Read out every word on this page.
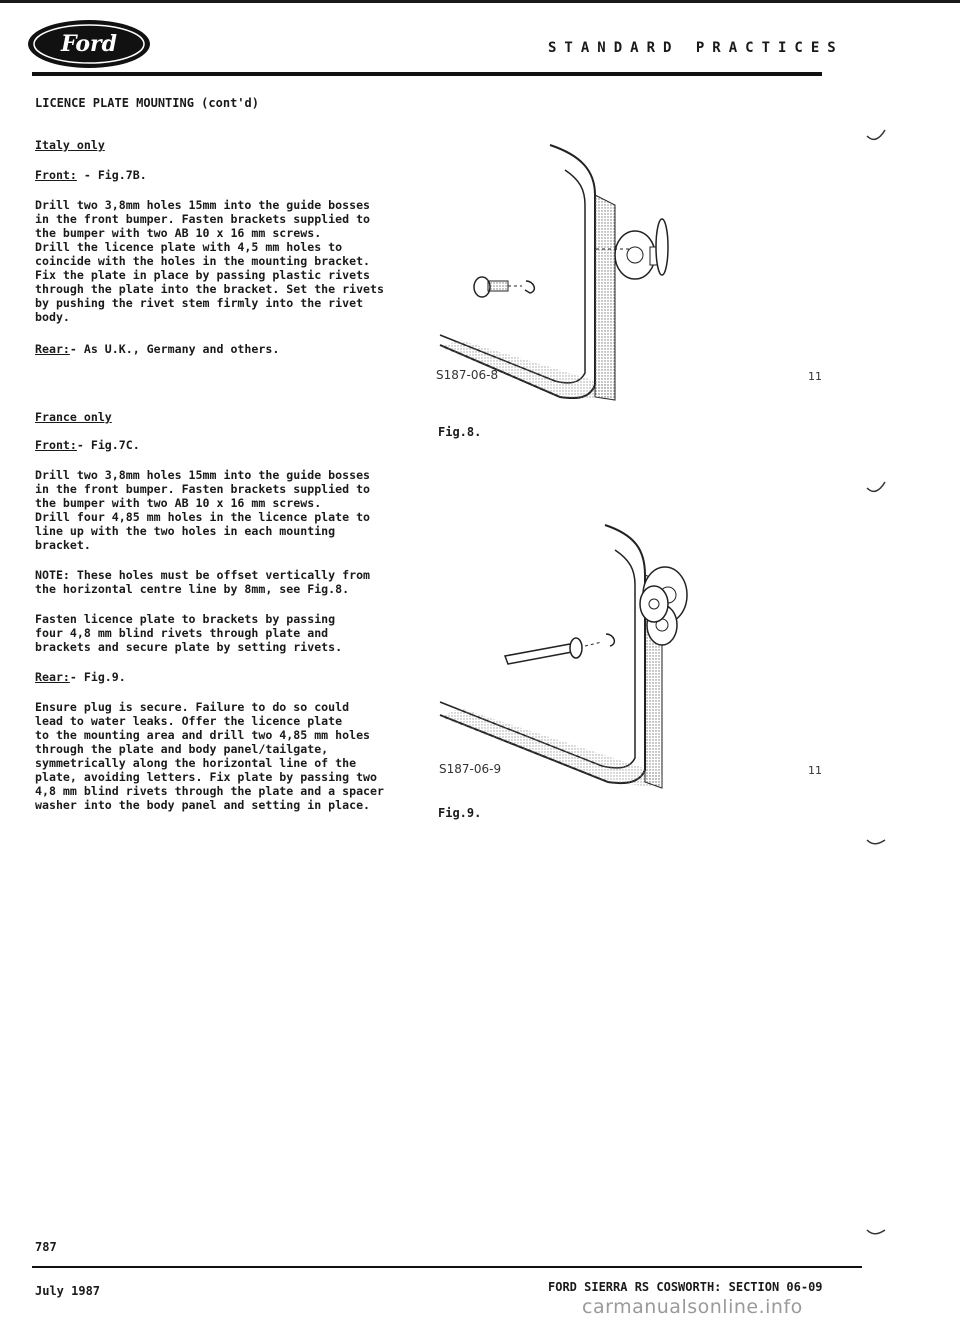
Ford	STANDARD PRACTICES
LICENCE PLATE MOUNTING (cont'd)

Italy only

Front: - Fig.7B.

Drill two 3,8mm holes 15mm into the guide bosses
in the front bumper. Fasten brackets supplied to
the bumper with two AB 10 x 16 mm screws.
Drill the licence plate with 4,5 mm holes to
coincide with the holes in the mounting bracket.
Fix the plate in place by passing plastic rivets
through the plate into the bracket. Set the rivets
by pushing the rivet stem firmly into the rivet
body.

Rear:- As U.K., Germany and others.

France only

Front:- Fig.7C.

Drill two 3,8mm holes 15mm into the guide bosses
in the front bumper. Fasten brackets supplied to
the bumper with two AB 10 x 16 mm screws.
Drill four 4,85 mm holes in the licence plate to
line up with the two holes in each mounting
bracket.

NOTE: These holes must be offset vertically from
the horizontal centre line by 8mm, see Fig.8.

Fasten licence plate to brackets by passing
four 4,8 mm blind rivets through plate and
brackets and secure plate by setting rivets.

Rear:- Fig.9.

Ensure plug is secure. Failure to do so could
lead to water leaks. Offer the licence plate
to the mounting area and drill two 4,85 mm holes
through the plate and body panel/tailgate,
symmetrically along the horizontal line of the
plate, avoiding letters. Fix plate by passing two
4,8 mm blind rivets through the plate and a spacer
washer into the body panel and setting in place.

S187-06-8	11
Fig.8.
S187-06-9	11
Fig.9.
787
July 1987	FORD SIERRA RS COSWORTH: SECTION 06-09
carmanualsonline.info
